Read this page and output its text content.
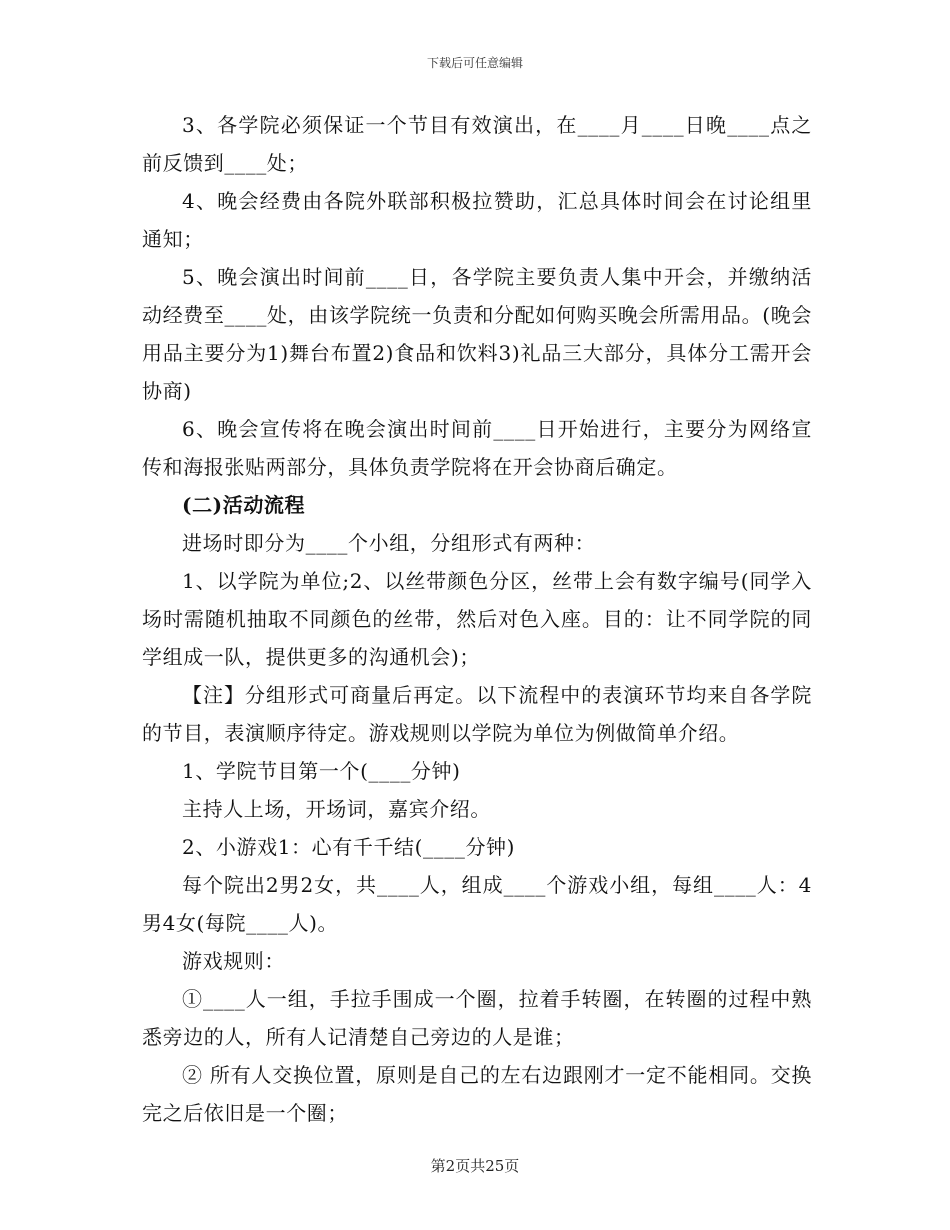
下载后可任意编辑

3、各学院必须保证一个节目有效演出，在____月____日晚____点之前反馈到____处；

4、晚会经费由各院外联部积极拉赞助，汇总具体时间会在讨论组里通知；

5、晚会演出时间前____日，各学院主要负责人集中开会，并缴纳活动经费至____处，由该学院统一负责和分配如何购买晚会所需用品。(晚会用品主要分为1)舞台布置2)食品和饮料3)礼品三大部分，具体分工需开会协商)

6、晚会宣传将在晚会演出时间前____日开始进行，主要分为网络宣传和海报张贴两部分，具体负责学院将在开会协商后确定。

(二)活动流程

进场时即分为____个小组，分组形式有两种：

1、以学院为单位;2、以丝带颜色分区，丝带上会有数字编号(同学入场时需随机抽取不同颜色的丝带，然后对色入座。目的：让不同学院的同学组成一队，提供更多的沟通机会)；

【注】分组形式可商量后再定。以下流程中的表演环节均来自各学院的节目，表演顺序待定。游戏规则以学院为单位为例做简单介绍。

1、学院节目第一个(____分钟)

主持人上场，开场词，嘉宾介绍。

2、小游戏1：心有千千结(____分钟)

每个院出2男2女，共____人，组成____个游戏小组，每组____人：4男4女(每院____人)。

游戏规则：

①____人一组，手拉手围成一个圈，拉着手转圈，在转圈的过程中熟悉旁边的人，所有人记清楚自己旁边的人是谁；

② 所有人交换位置，原则是自己的左右边跟刚才一定不能相同。交换完之后依旧是一个圈；

第2页共25页
